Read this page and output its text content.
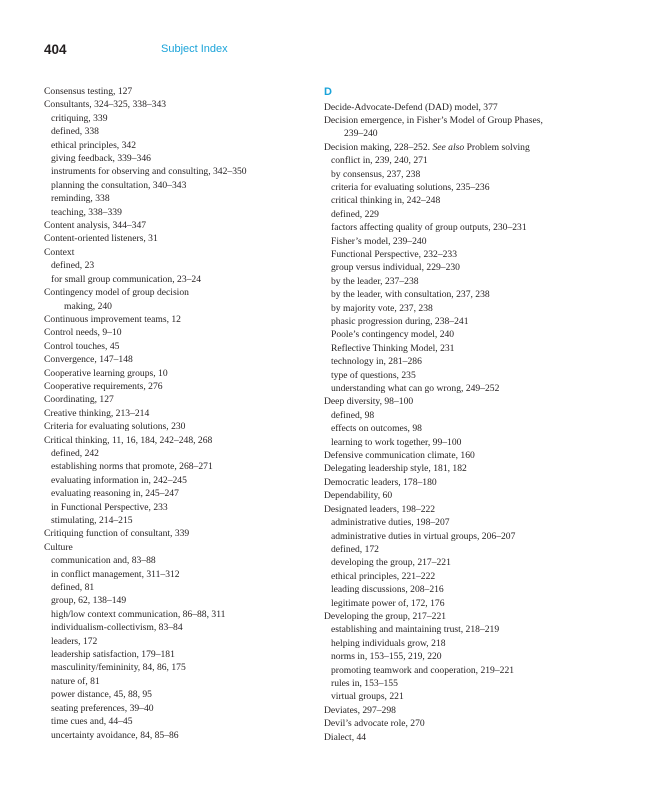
404	Subject Index
Consensus testing, 127
Consultants, 324–325, 338–343
critiquing, 339
defined, 338
ethical principles, 342
giving feedback, 339–346
instruments for observing and consulting, 342–350
planning the consultation, 340–343
reminding, 338
teaching, 338–339
Content analysis, 344–347
Content-oriented listeners, 31
Context
defined, 23
for small group communication, 23–24
Contingency model of group decision
making, 240
Continuous improvement teams, 12
Control needs, 9–10
Control touches, 45
Convergence, 147–148
Cooperative learning groups, 10
Cooperative requirements, 276
Coordinating, 127
Creative thinking, 213–214
Criteria for evaluating solutions, 230
Critical thinking, 11, 16, 184, 242–248, 268
defined, 242
establishing norms that promote, 268–271
evaluating information in, 242–245
evaluating reasoning in, 245–247
in Functional Perspective, 233
stimulating, 214–215
Critiquing function of consultant, 339
Culture
communication and, 83–88
in conflict management, 311–312
defined, 81
group, 62, 138–149
high/low context communication, 86–88, 311
individualism-collectivism, 83–84
leaders, 172
leadership satisfaction, 179–181
masculinity/femininity, 84, 86, 175
nature of, 81
power distance, 45, 88, 95
seating preferences, 39–40
time cues and, 44–45
uncertainty avoidance, 84, 85–86
D
Decide-Advocate-Defend (DAD) model, 377
Decision emergence, in Fisher’s Model of Group Phases,
239–240
Decision making, 228–252. See also Problem solving
conflict in, 239, 240, 271
by consensus, 237, 238
criteria for evaluating solutions, 235–236
critical thinking in, 242–248
defined, 229
factors affecting quality of group outputs, 230–231
Fisher’s model, 239–240
Functional Perspective, 232–233
group versus individual, 229–230
by the leader, 237–238
by the leader, with consultation, 237, 238
by majority vote, 237, 238
phasic progression during, 238–241
Poole’s contingency model, 240
Reflective Thinking Model, 231
technology in, 281–286
type of questions, 235
understanding what can go wrong, 249–252
Deep diversity, 98–100
defined, 98
effects on outcomes, 98
learning to work together, 99–100
Defensive communication climate, 160
Delegating leadership style, 181, 182
Democratic leaders, 178–180
Dependability, 60
Designated leaders, 198–222
administrative duties, 198–207
administrative duties in virtual groups, 206–207
defined, 172
developing the group, 217–221
ethical principles, 221–222
leading discussions, 208–216
legitimate power of, 172, 176
Developing the group, 217–221
establishing and maintaining trust, 218–219
helping individuals grow, 218
norms in, 153–155, 219, 220
promoting teamwork and cooperation, 219–221
rules in, 153–155
virtual groups, 221
Deviates, 297–298
Devil’s advocate role, 270
Dialect, 44
